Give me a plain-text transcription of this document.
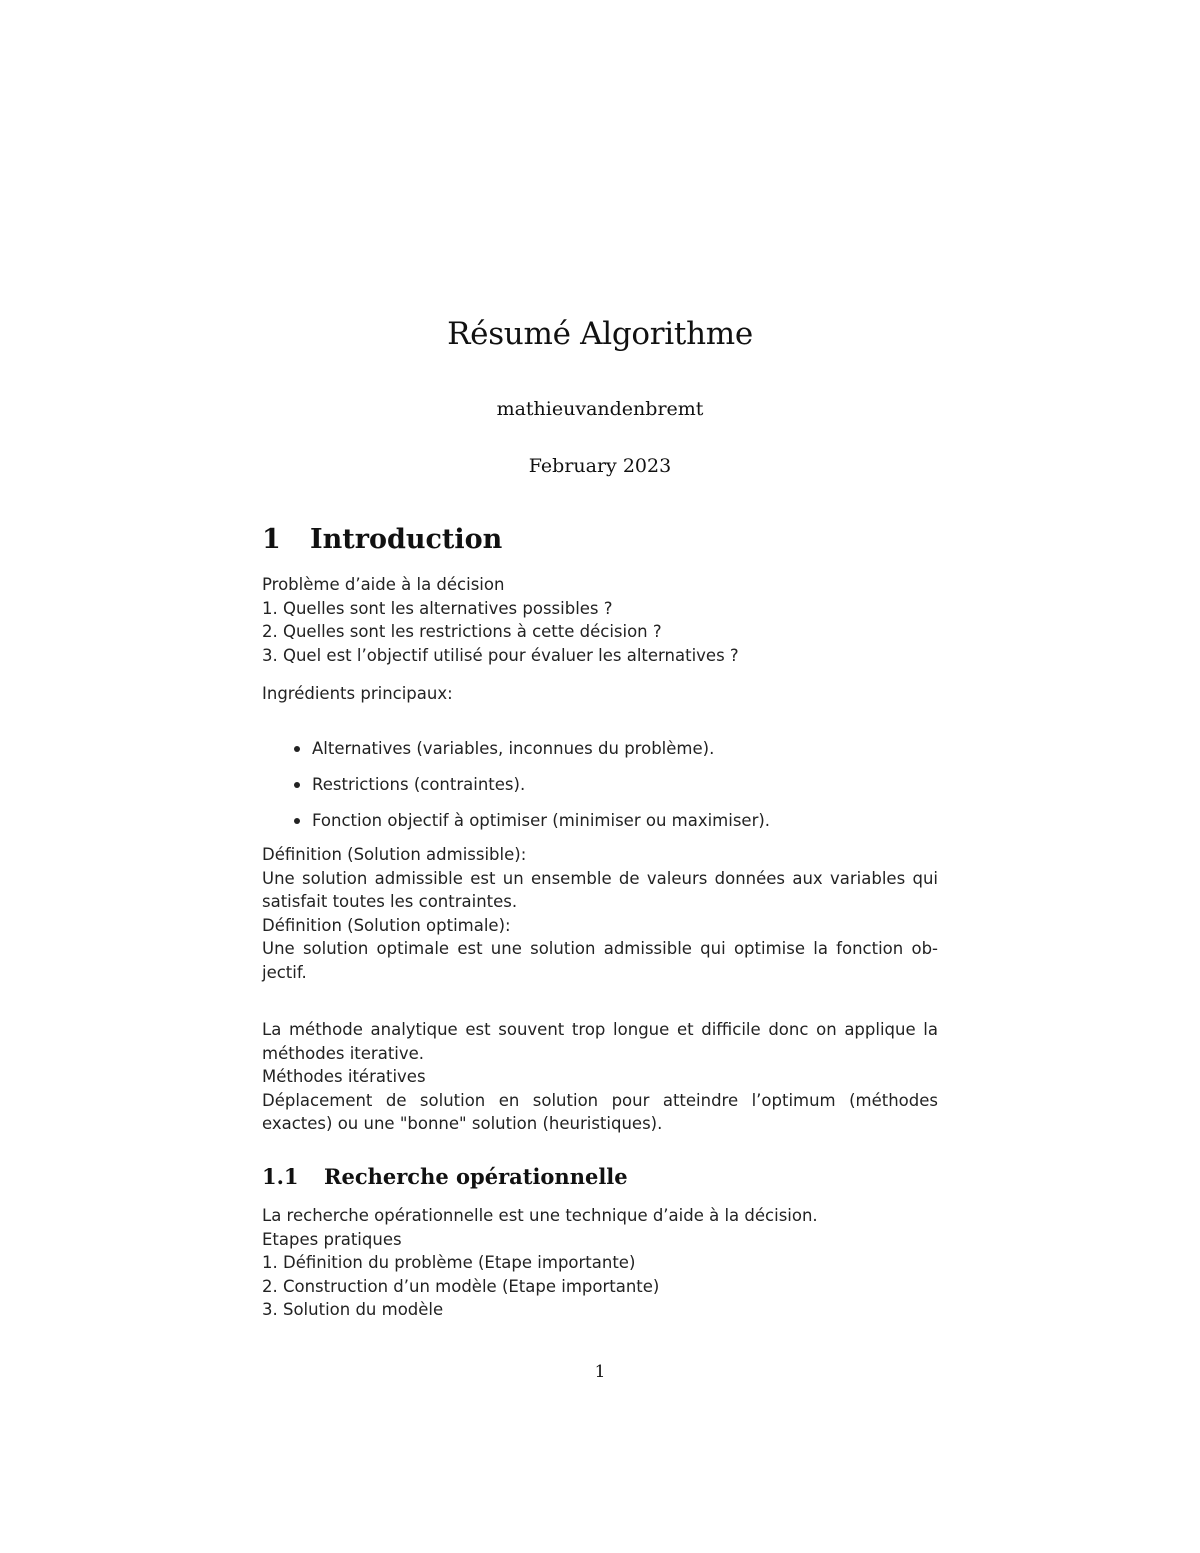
Résumé Algorithme
mathieuvandenbremt
February 2023
1 Introduction
Problème d’aide à la décision
1. Quelles sont les alternatives possibles ?
2. Quelles sont les restrictions à cette décision ?
3. Quel est l’objectif utilisé pour évaluer les alternatives ?
Ingrédients principaux:
Alternatives (variables, inconnues du problème).
Restrictions (contraintes).
Fonction objectif à optimiser (minimiser ou maximiser).
Définition (Solution admissible):
Une solution admissible est un ensemble de valeurs données aux variables qui satisfait toutes les contraintes.
Définition (Solution optimale):
Une solution optimale est une solution admissible qui optimise la fonction ob-jectif.
La méthode analytique est souvent trop longue et difficile donc on applique la méthodes iterative.
Méthodes itératives
Déplacement de solution en solution pour atteindre l’optimum (méthodes exactes) ou une "bonne" solution (heuristiques).
1.1 Recherche opérationnelle
La recherche opérationnelle est une technique d’aide à la décision.
Etapes pratiques
1. Définition du problème (Etape importante)
2. Construction d’un modèle (Etape importante)
3. Solution du modèle
1
